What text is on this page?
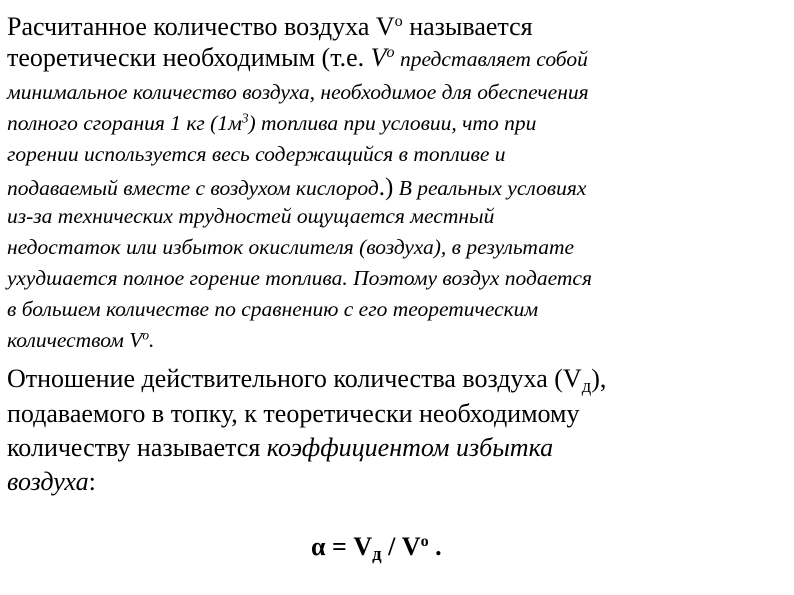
Расчитанное количество воздуха $V^о$ называется
теоретически необходимым (т.е. $V^о$ представляет собой
минимальное количество воздуха, необходимое для обеспечения
полного сгорания 1 кг $(1м^3)$ топлива при условии, что при
горении используется весь содержащийся в топливе и
подаваемый вместе с воздухом кислород.) В реальных условиях
из-за технических трудностей ощущается местный
недостаток или избыток окислителя (воздуха), в результате
ухудшается полное горение топлива. Поэтому воздух подается
в большем количестве по сравнению с его теоретическим
количеством $V^о$.
Отношение действительного количества воздуха $(V_д)$,
подаваемого в топку, к теоретически необходимому
количеству называется коэффициентом избытка
воздуха:
$\alpha = V_д / V^о$ .
